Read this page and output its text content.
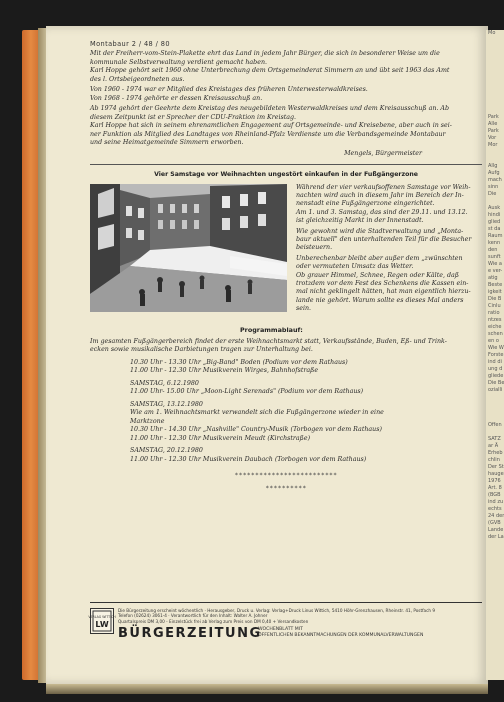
Montabaur 2 / 48 / 80
Mit der Freiherr-vom-Stein-Plakette ehrt das Land in jedem Jahr Bürger, die sich in besonderer Weise um die
kommunale Selbstverwaltung verdient gemacht haben.
Karl Hoppe gehört seit 1960 ohne Unterbrechung dem Ortsgemeinderat Simmern an und übt seit 1963 das Amt
des l. Ortsbeigeordneten aus.
Von 1960 - 1974 war er Mitglied des Kreistages des früheren Unterwesterwaldkreises.
Von 1968 - 1974 gehörte er dessen Kreisausschuß an.
Ab 1974 gehört der Geehrte dem Kreistag des neugebildeten Westerwaldkreises und dem Kreisausschuß an. Ab
diesem Zeitpunkt ist er Sprecher der CDU-Fraktion im Kreistag.
Karl Hoppe hat sich in seinem ehrenamtlichen Engagement auf Ortsgemeinde- und Kreisebene, aber auch in sei-
ner Funktion als Mitglied des Landtages von Rheinland-Pfalz Verdienste um die Verbandsgemeinde Montabaur
und seine Heimatgemeinde Simmern erworben.
Mengels, Bürgermeister
Vier Samstage vor Weihnachten ungestört einkaufen in der Fußgängerzone
Während der vier verkaufsoffenen Samstage vor Weih-
nachten wird auch in diesem Jahr im Bereich der In-
nenstadt eine Fußgängerzone eingerichtet.
Am 1. und 3. Samstag, das sind der 29.11. und 13.12.
ist gleichzeitig Markt in der Innenstadt.
Wie gewohnt wird die Stadtverwaltung und „Monta-
baur aktuell" den unterhaltenden Teil für die Besucher
beisteuern.
Unberechenbar bleibt aber außer dem „zwünschten
oder vermuteten Umsatz das Wetter.
Ob grauer Himmel, Schnee, Regen oder Kälte, daß
trotzdem vor dem Fest des Schenkens die Kassen ein-
mal nicht geklingelt hätten, hat man eigentlich hierzu-
lande nie gehört. Warum sollte es dieses Mal anders
sein.
Programmablauf:
Im gesamten Fußgängerbereich findet der erste Weihnachtsmarkt statt, Verkaufsstände, Buden, Eß- und Trink-
ecken sowie musikalische Darbietungen tragen zur Unterhaltung bei.
10.30 Uhr - 13.30 Uhr „Big-Band" Boden (Podium vor dem Rathaus)
11.00 Uhr - 12.30 Uhr Musikverein Wirges, Bahnhofstraße
SAMSTAG, 6.12.1980
11.00 Uhr- 15.00 Uhr „Moon-Light Serenads" (Podium vor dem Rathaus)
SAMSTAG, 13.12.1980
Wie am 1. Weihnachtsmarkt verwandelt sich die Fußgängerzone wieder in eine
Marktzone
10.30 Uhr - 14.30 Uhr „Nashville" Country-Musik (Torbogen vor dem Rathaus)
11.00 Uhr - 12.30 Uhr Musikverein Meudt (Kirchstraße)
SAMSTAG, 20.12.1980
11.00 Uhr - 12.30 Uhr Musikverein Daubach (Torbogen vor dem Rathaus)
*************************
**********
VERLAG WITTICH
LW
Die Bürgerzeitung erscheint wöchentlich · Herausgeber, Druck u. Verlag: Verlag+Druck Linus Wittich, 5410 Höhr-Grenzhausen, Rheinstr. 41, Postfach 9
Telefon (02624) 3061-4 · Verantwortlich für den Inhalt: Walter A. Johner
Quartalspreis DM 3,00 - Einzelstück frei ab Verlag zum Preis von DM 0,40 + Versandkosten
BÜRGERZEITUNG
WOCHENBLATT MIT
ÖFFENTLICHEN BEKANNTMACHUNGEN DER KOMMUNALVERWALTUNGEN
Mo

Park
Alle
Park
Vor
Mor

Allg
Aufg
mach
sinn
Die

Ausk
hindi
glied
st da
Raum
kenn
den
sunft
Wie a
e ver-
atig
Beste
igkeit
Die B
Cinlu
ratio
ntzes
eiche
schen
en o
Wie W
Forste
ind di
ung d
gliede
Die Be
ozialli

Offen

SATZ
ar Ä
Erheb
chlin
Der St
hauge
1976
Art. 8
(BGB
ind zu
echts
24 der
(GVB
Lande
der La
